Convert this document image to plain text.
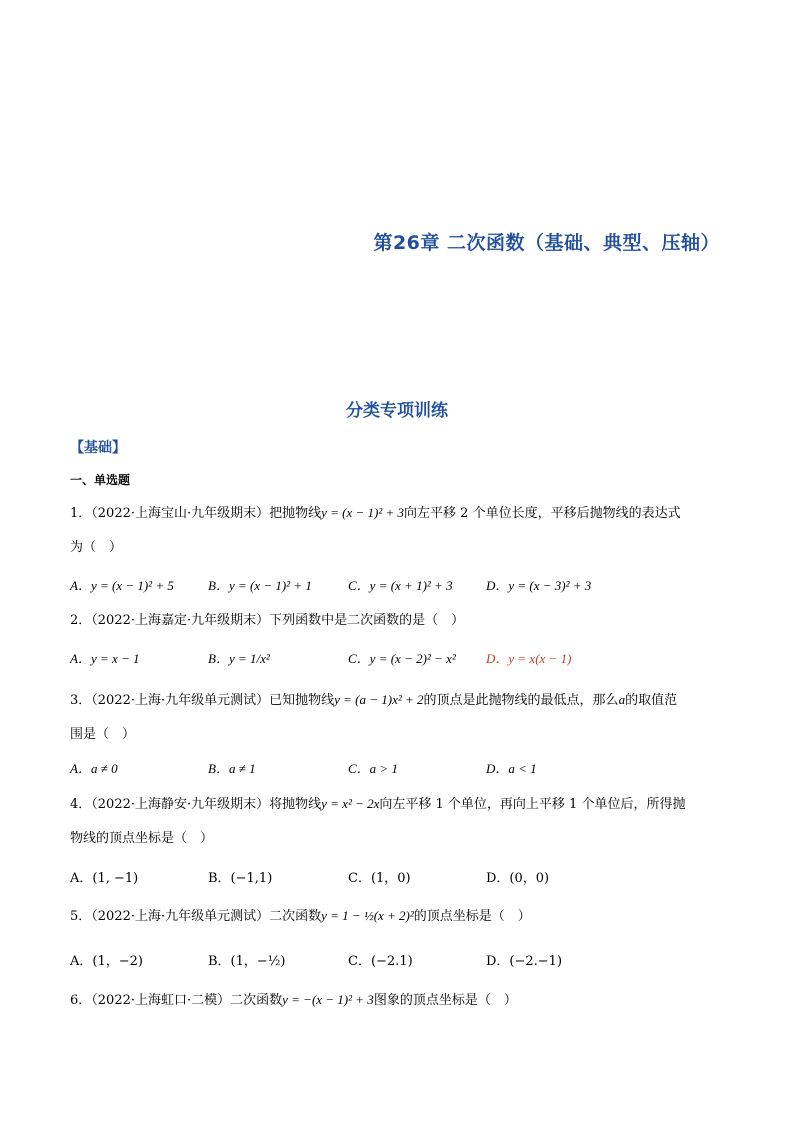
第26章 二次函数（基础、典型、压轴）
分类专项训练
【基础】
一、单选题
1．（2022·上海宝山·九年级期末）把抛物线y = (x − 1)² + 3向左平移 2 个单位长度，平移后抛物线的表达式
为（　）
A．y = (x − 1)² + 5	B．y = (x − 1)² + 1	C．y = (x + 1)² + 3	D．y = (x − 3)² + 3
2．（2022·上海嘉定·九年级期末）下列函数中是二次函数的是（　）
A．y = x − 1	B．y = 1/x²	C．y = (x − 2)² − x² D．y = x(x − 1)
3．（2022·上海·九年级单元测试）已知抛物线y = (a − 1)x² + 2的顶点是此抛物线的最低点，那么a的取值范
围是（　）
A．a ≠ 0	B．a ≠ 1	C．a > 1	D．a < 1
4．（2022·上海静安·九年级期末）将抛物线y = x² − 2x向左平移 1 个单位，再向上平移 1 个单位后，所得抛
物线的顶点坐标是（　）
A．(1, −1)	B．(−1,1)	C．(1，0)	D．(0，0)
5．（2022·上海·九年级单元测试）二次函数y = 1 − ½(x + 2)²的顶点坐标是（　）
A．(1，−2)	B．(1，−½)	C．(−2.1)	D．(−2.−1)
6．（2022·上海虹口·二模）二次函数y = −(x − 1)² + 3图象的顶点坐标是（　）
